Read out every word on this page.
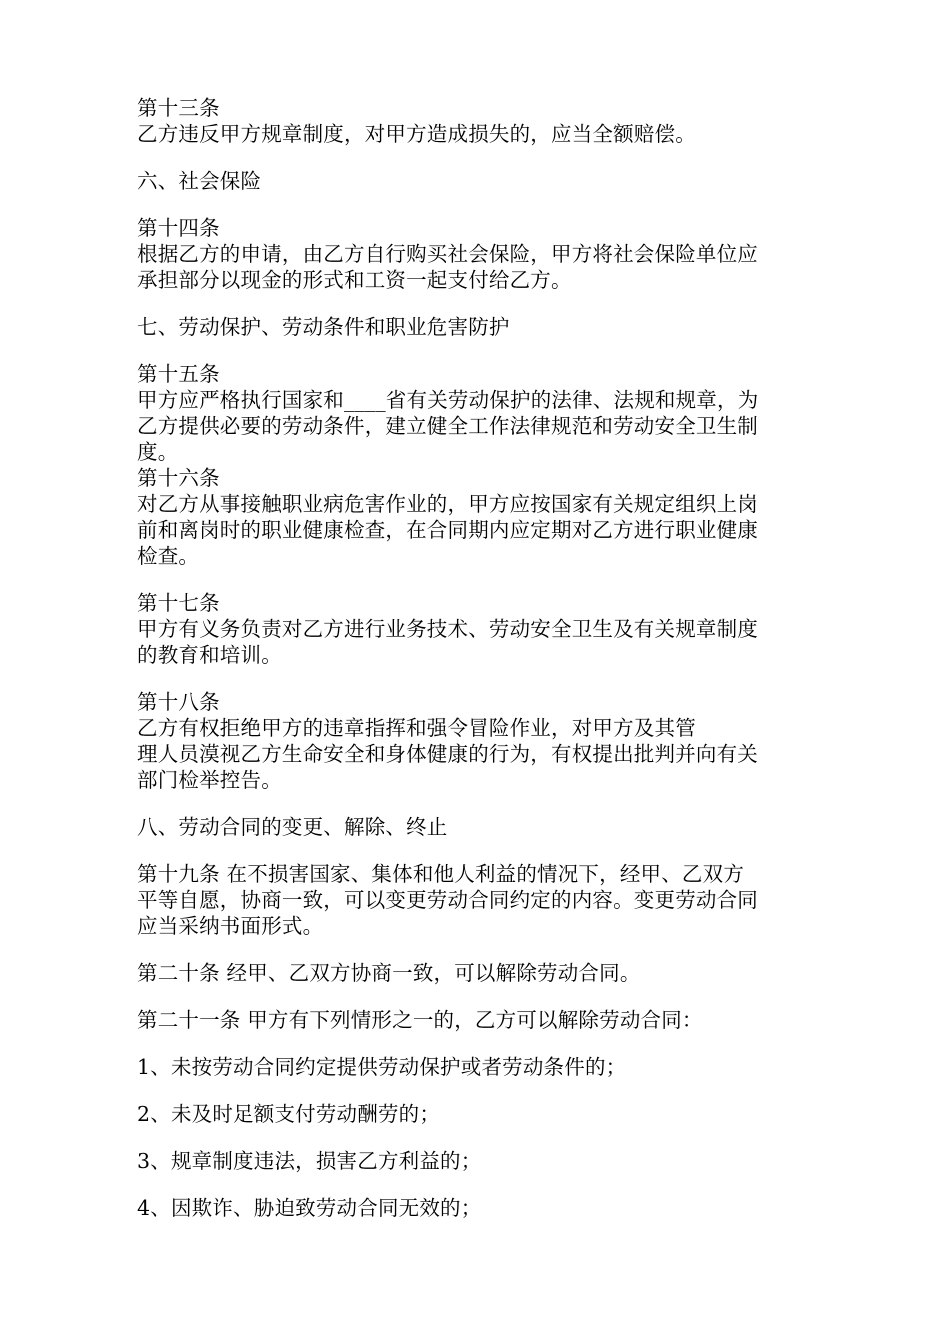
第十三条
乙方违反甲方规章制度，对甲方造成损失的，应当全额赔偿。
六、社会保险
第十四条
根据乙方的申请，由乙方自行购买社会保险，甲方将社会保险单位应
承担部分以现金的形式和工资一起支付给乙方。
七、劳动保护、劳动条件和职业危害防护
第十五条
甲方应严格执行国家和____省有关劳动保护的法律、法规和规章，为
乙方提供必要的劳动条件，建立健全工作法律规范和劳动安全卫生制
度。
第十六条
对乙方从事接触职业病危害作业的，甲方应按国家有关规定组织上岗
前和离岗时的职业健康检查，在合同期内应定期对乙方进行职业健康
检查。
第十七条
甲方有义务负责对乙方进行业务技术、劳动安全卫生及有关规章制度
的教育和培训。
第十八条
乙方有权拒绝甲方的违章指挥和强令冒险作业，对甲方及其管
理人员漠视乙方生命安全和身体健康的行为，有权提出批判并向有关
部门检举控告。
八、劳动合同的变更、解除、终止
第十九条 在不损害国家、集体和他人利益的情况下，经甲、乙双方
平等自愿，协商一致，可以变更劳动合同约定的内容。变更劳动合同
应当采纳书面形式。
第二十条 经甲、乙双方协商一致，可以解除劳动合同。
第二十一条 甲方有下列情形之一的，乙方可以解除劳动合同：
1、未按劳动合同约定提供劳动保护或者劳动条件的；
2、未及时足额支付劳动酬劳的；
3、规章制度违法，损害乙方利益的；
4、因欺诈、胁迫致劳动合同无效的；
